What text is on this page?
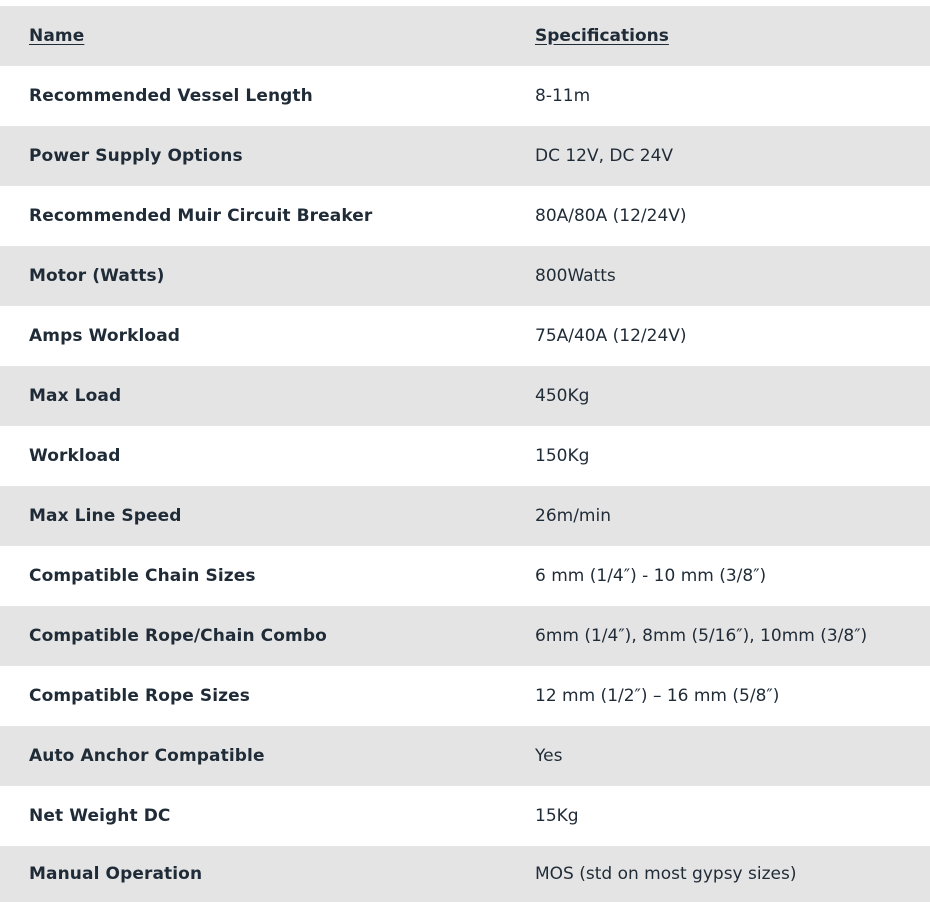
Name	Specifications
Recommended Vessel Length	8-11m
Power Supply Options	DC 12V, DC 24V
Recommended Muir Circuit Breaker	80A/80A (12/24V)
Motor (Watts)	800Watts
Amps Workload	75A/40A (12/24V)
Max Load	450Kg
Workload	150Kg
Max Line Speed	26m/min
Compatible Chain Sizes	6 mm (1/4″) - 10 mm (3/8″)
Compatible Rope/Chain Combo	6mm (1/4″), 8mm (5/16″), 10mm (3/8″)
Compatible Rope Sizes	12 mm (1/2″) – 16 mm (5/8″)
Auto Anchor Compatible	Yes
Net Weight DC	15Kg
Manual Operation	MOS (std on most gypsy sizes)
